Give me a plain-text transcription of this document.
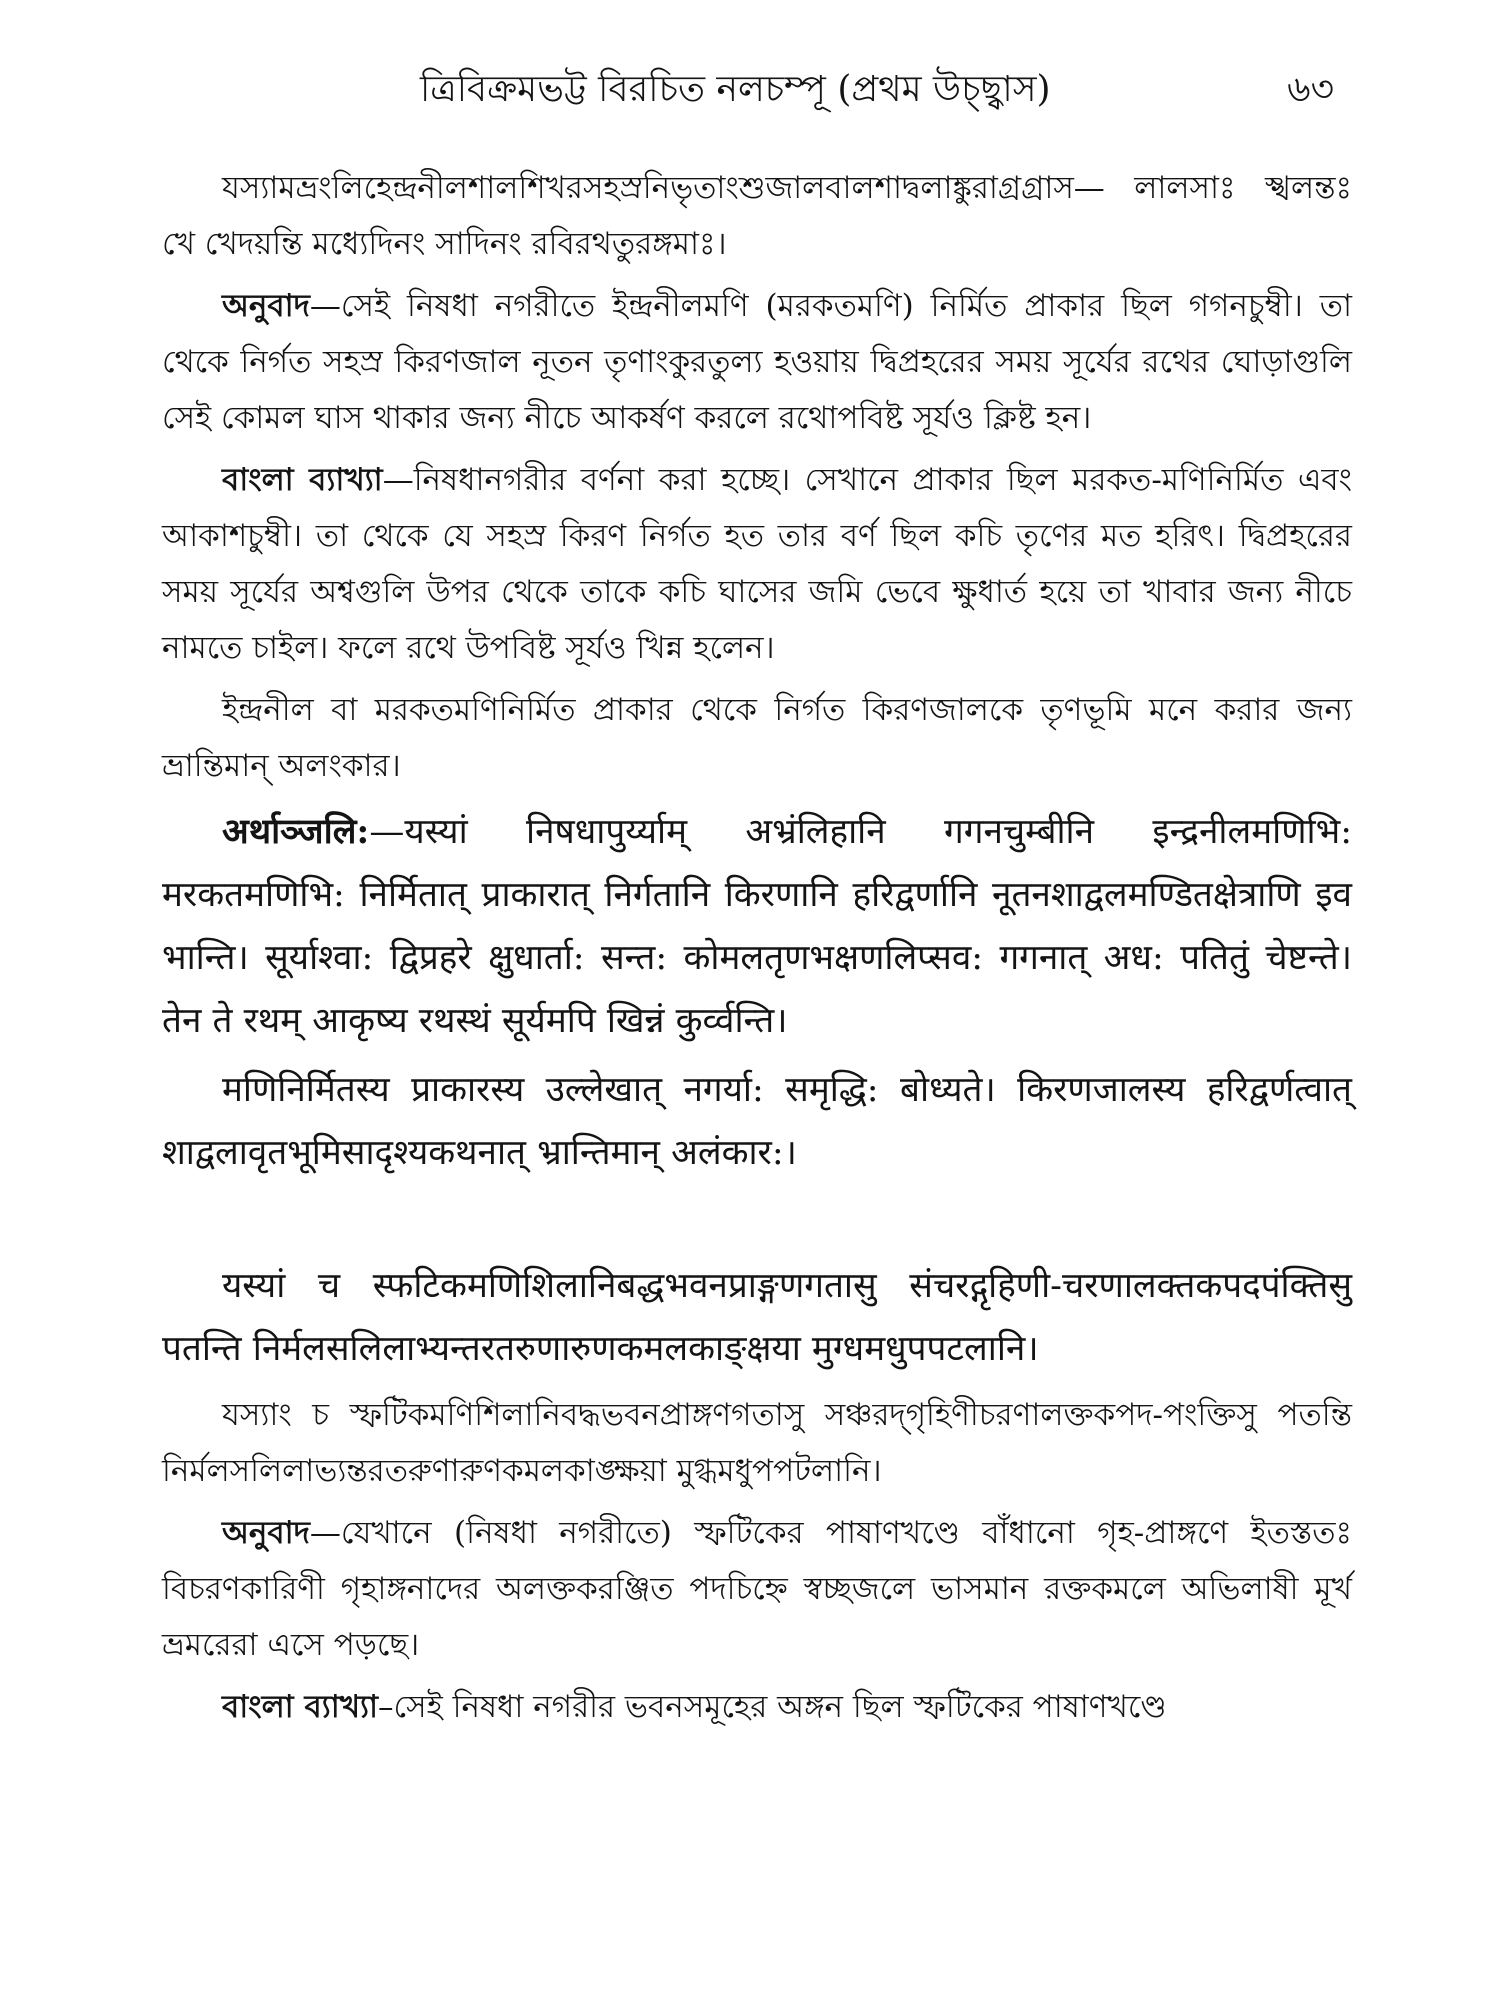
ত্রিবিক্রমভট্ট বিরচিত নলচম্পূ (প্রথম উচ্ছ্বাস)	৬৩

যস্যামভ্রংলিহেন্দ্রনীলশালশিখরসহস্রনিভৃতাংশুজালবালশাদ্বলাঙ্কুরাগ্রগ্রাস— লালসাঃ স্খলন্তঃ খে খেদয়ন্তি মধ্যেদিনং সাদিনং রবিরথতুরঙ্গমাঃ।

অনুবাদ—সেই নিষধা নগরীতে ইন্দ্রনীলমণি (মরকতমণি) নির্মিত প্রাকার ছিল গগনচুম্বী। তা থেকে নির্গত সহস্র কিরণজাল নূতন তৃণাংকুরতুল্য হওয়ায় দ্বিপ্রহরের সময় সূর্যের রথের ঘোড়াগুলি সেই কোমল ঘাস থাকার জন্য নীচে আকর্ষণ করলে রথোপবিষ্ট সূর্যও ক্লিষ্ট হন।

বাংলা ব্যাখ্যা—নিষধানগরীর বর্ণনা করা হচ্ছে। সেখানে প্রাকার ছিল মরকত-মণিনির্মিত এবং আকাশচুম্বী। তা থেকে যে সহস্র কিরণ নির্গত হত তার বর্ণ ছিল কচি তৃণের মত হরিৎ। দ্বিপ্রহরের সময় সূর্যের অশ্বগুলি উপর থেকে তাকে কচি ঘাসের জমি ভেবে ক্ষুধার্ত হয়ে তা খাবার জন্য নীচে নামতে চাইল। ফলে রথে উপবিষ্ট সূর্যও খিন্ন হলেন।

ইন্দ্রনীল বা মরকতমণিনির্মিত প্রাকার থেকে নির্গত কিরণজালকে তৃণভূমি মনে করার জন্য ভ্রান্তিমান্ অলংকার।

अर्थाञ्जलि:—यस्यां निषधापुर्य्याम् अभ्रंलिहानि गगनचुम्बीनि इन्द्रनीलमणिभि: मरकतमणिभि: निर्मितात् प्राकारात् निर्गतानि किरणानि हरिद्वर्णानि नूतनशाद्वलमण्डितक्षेत्राणि इव भान्ति। सूर्याश्वा: द्विप्रहरे क्षुधार्ता: सन्त: कोमलतृणभक्षणलिप्सव: गगनात् अध: पतितुं चेष्टन्ते। तेन ते रथम् आकृष्य रथस्थं सूर्यमपि खिन्नं कुर्व्वन्ति।

मणिनिर्मितस्य प्राकारस्य उल्लेखात् नगर्या: समृद्धि: बोध्यते। किरणजालस्य हरिद्वर्णत्वात् शाद्वलावृतभूमिसादृश्यकथनात् भ्रान्तिमान् अलंकार:।

यस्यां च स्फटिकमणिशिलानिबद्धभवनप्राङ्गणगतासु संचरद्गृहिणी-चरणालक्तकपदपंक्तिसु पतन्ति निर्मलसलिलाभ्यन्तरतरुणारुणकमलकाङ्क्षया मुग्धमधुपपटलानि।

যস্যাং চ স্ফটিকমণিশিলানিবদ্ধভবনপ্রাঙ্গণগতাসু সঞ্চরদ্‌গৃহিণীচরণালক্তকপদ-পংক্তিসু পতন্তি নির্মলসলিলাভ্যন্তরতরুণারুণকমলকাঙ্ক্ষয়া মুগ্ধমধুপপটলানি।

অনুবাদ—যেখানে (নিষধা নগরীতে) স্ফটিকের পাষাণখণ্ডে বাঁধানো গৃহ-প্রাঙ্গণে ইতস্ততঃ বিচরণকারিণী গৃহাঙ্গনাদের অলক্তকরঞ্জিত পদচিহ্নে স্বচ্ছজলে ভাসমান রক্তকমলে অভিলাষী মূর্খ ভ্রমরেরা এসে পড়ছে।

বাংলা ব্যাখ্যা–সেই নিষধা নগরীর ভবনসমূহের অঙ্গন ছিল স্ফটিকের পাষাণখণ্ডে
